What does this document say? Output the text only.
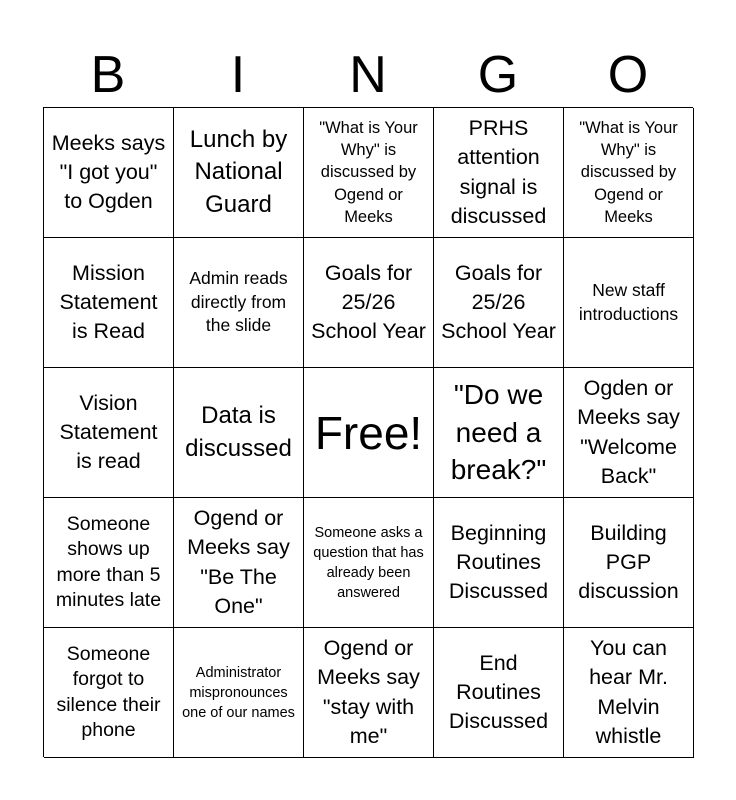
B	I	N	G	O
Meeks says "I got you" to Ogden
Lunch by National Guard
"What is Your Why" is discussed by Ogend or Meeks
PRHS attention signal is discussed
"What is Your Why" is discussed by Ogend or Meeks
Mission Statement is Read
Admin reads directly from the slide
Goals for 25/26 School Year
Goals for 25/26 School Year
New staff introductions
Vision Statement is read
Data is discussed Free!
"Do we need a break?"
Ogden or Meeks say "Welcome Back"
Someone shows up more than 5 minutes late
Ogend or Meeks say "Be The One"
Someone asks a question that has already been answered
Beginning Routines Discussed
Building PGP discussion
Someone forgot to silence their phone
Administrator mispronounces one of our names
Ogend or Meeks say "stay with me"
End Routines Discussed
You can hear Mr. Melvin whistle
